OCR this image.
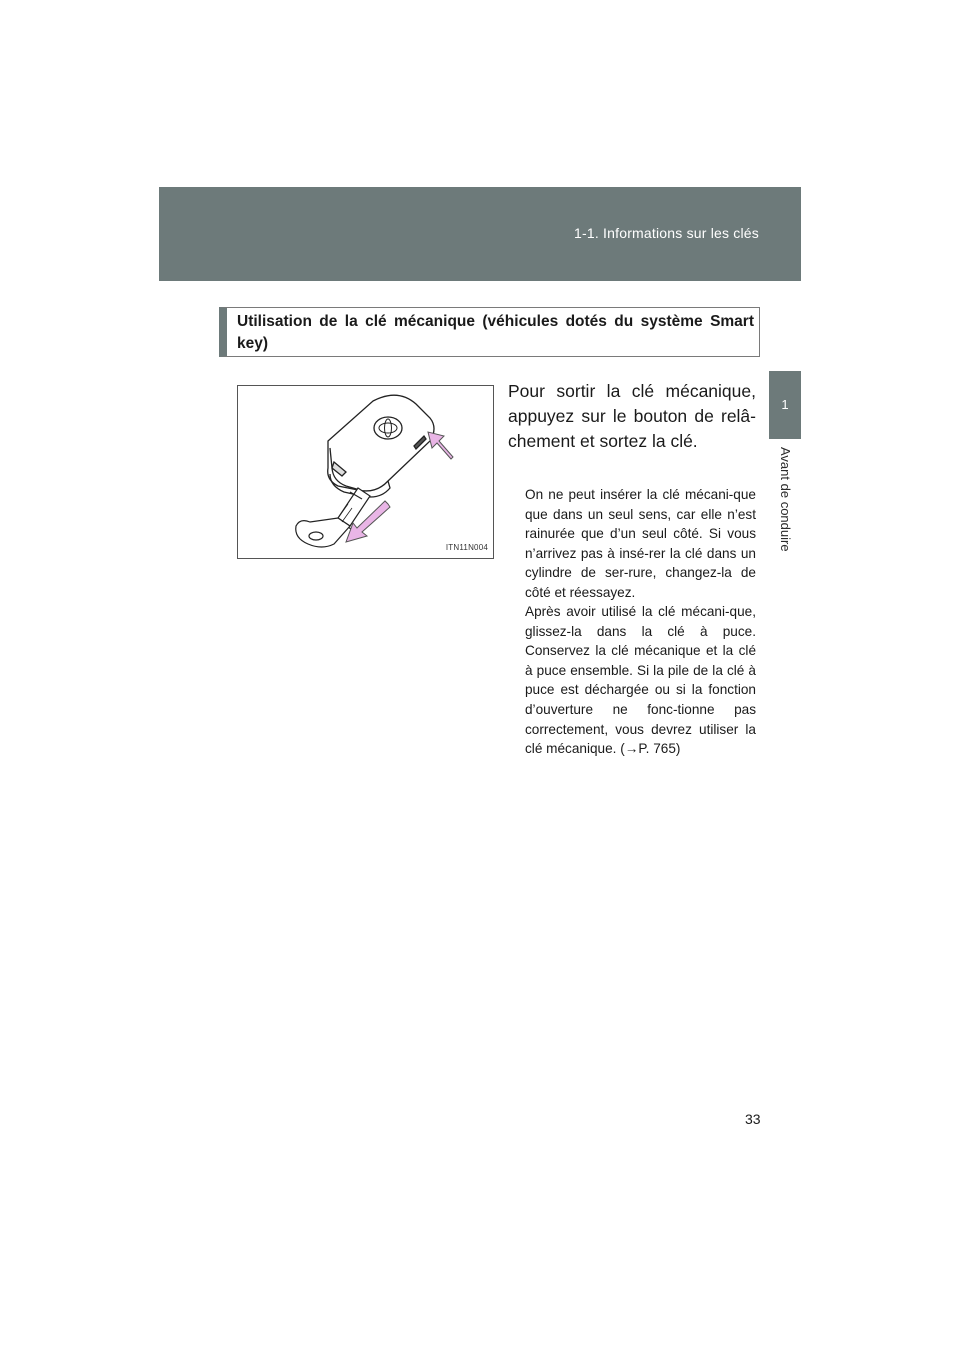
1-1. Informations sur les clés
1
Avant de conduire
Utilisation de la clé mécanique (véhicules dotés du système Smart key)
ITN11N004
Pour sortir la clé mécanique, appuyez sur le bouton de relâ-chement et sortez la clé.
On ne peut insérer la clé mécani-que que dans un seul sens, car elle n’est rainurée que d’un seul côté. Si vous n’arrivez pas à insé-rer la clé dans un cylindre de ser-rure, changez-la de côté et réessayez.
Après avoir utilisé la clé mécani-que, glissez-la dans la clé à puce. Conservez la clé mécanique et la clé à puce ensemble. Si la pile de la clé à puce est déchargée ou si la fonction d’ouverture ne fonc-tionne pas correctement, vous devrez utiliser la clé mécanique. (→P. 765)
33
